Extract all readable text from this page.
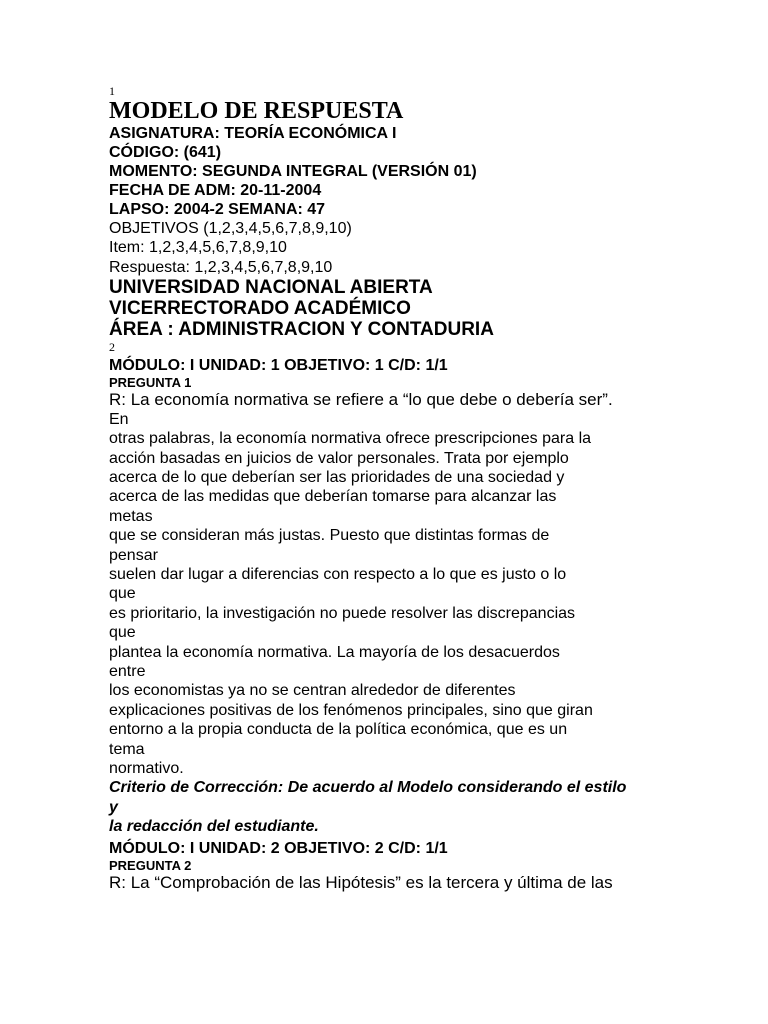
1
MODELO DE RESPUESTA
ASIGNATURA: TEORÍA ECONÓMICA I
CÓDIGO: (641)
MOMENTO: SEGUNDA INTEGRAL (VERSIÓN 01)
FECHA DE ADM: 20-11-2004
LAPSO: 2004-2 SEMANA: 47
OBJETIVOS (1,2,3,4,5,6,7,8,9,10)
Item: 1,2,3,4,5,6,7,8,9,10
Respuesta: 1,2,3,4,5,6,7,8,9,10
UNIVERSIDAD NACIONAL ABIERTA
VICERRECTORADO ACADÉMICO
ÁREA : ADMINISTRACION Y CONTADURIA
2
MÓDULO: I UNIDAD: 1 OBJETIVO: 1 C/D: 1/1
PREGUNTA 1
R: La economía normativa se refiere a “lo que debe o debería ser”.
En
otras palabras, la economía normativa ofrece prescripciones para la
acción basadas en juicios de valor personales. Trata por ejemplo
acerca de lo que deberían ser las prioridades de una sociedad y
acerca de las medidas que deberían tomarse para alcanzar las
metas
que se consideran más justas. Puesto que distintas formas de
pensar
suelen dar lugar a diferencias con respecto a lo que es justo o lo
que
es prioritario, la investigación no puede resolver las discrepancias
que
plantea la economía normativa. La mayoría de los desacuerdos
entre
los economistas ya no se centran alrededor de diferentes
explicaciones positivas de los fenómenos principales, sino que giran
entorno a la propia conducta de la política económica, que es un
tema
normativo.
Criterio de Corrección: De acuerdo al Modelo considerando el estilo
y
la redacción del estudiante.
MÓDULO: I UNIDAD: 2 OBJETIVO: 2 C/D: 1/1
PREGUNTA 2
R: La “Comprobación de las Hipótesis” es la tercera y última de las
